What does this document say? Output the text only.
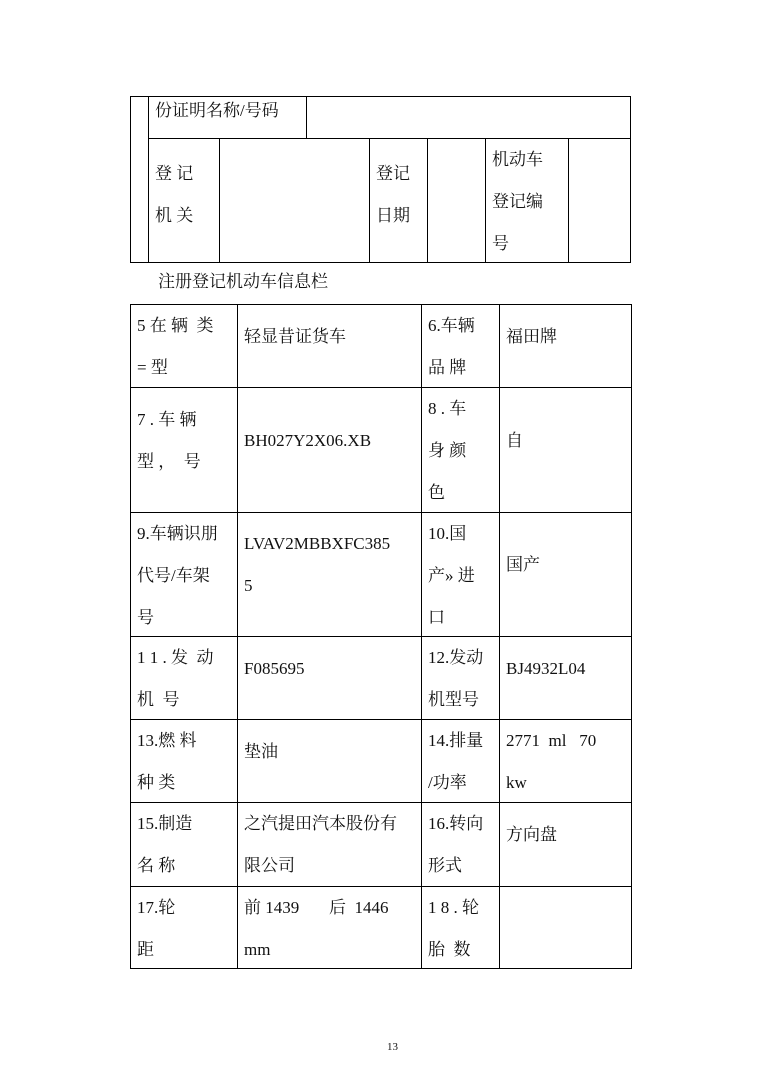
份证明名称/号码
登 记
机 关
登记
日期
机动车
登记编
号
注册登记机动车信息栏
5 在 辆  类
= 型
轻显昔证货车
6.车辆
品 牌
福田牌
7 . 车 辆
型 ，  号
BH027Y2X06.XB
8 . 车
身 颜
色
自
9.车辆识朋
代号/车架
号
LVAV2MBBXFC385
5
10.国
产» 进
口
国产
1 1 . 发  动
机  号
F085695
12.发动
机型号
BJ4932L04
13.燃 料
种 类
垫油
14.排量
/功率
2771  ml   70
kw
15.制造
名 称
之汽提田汽本股份有
限公司
16.转向
形式
方向盘
17.轮
距
前 1439       后  1446
mm
1 8 . 轮
胎  数
13
